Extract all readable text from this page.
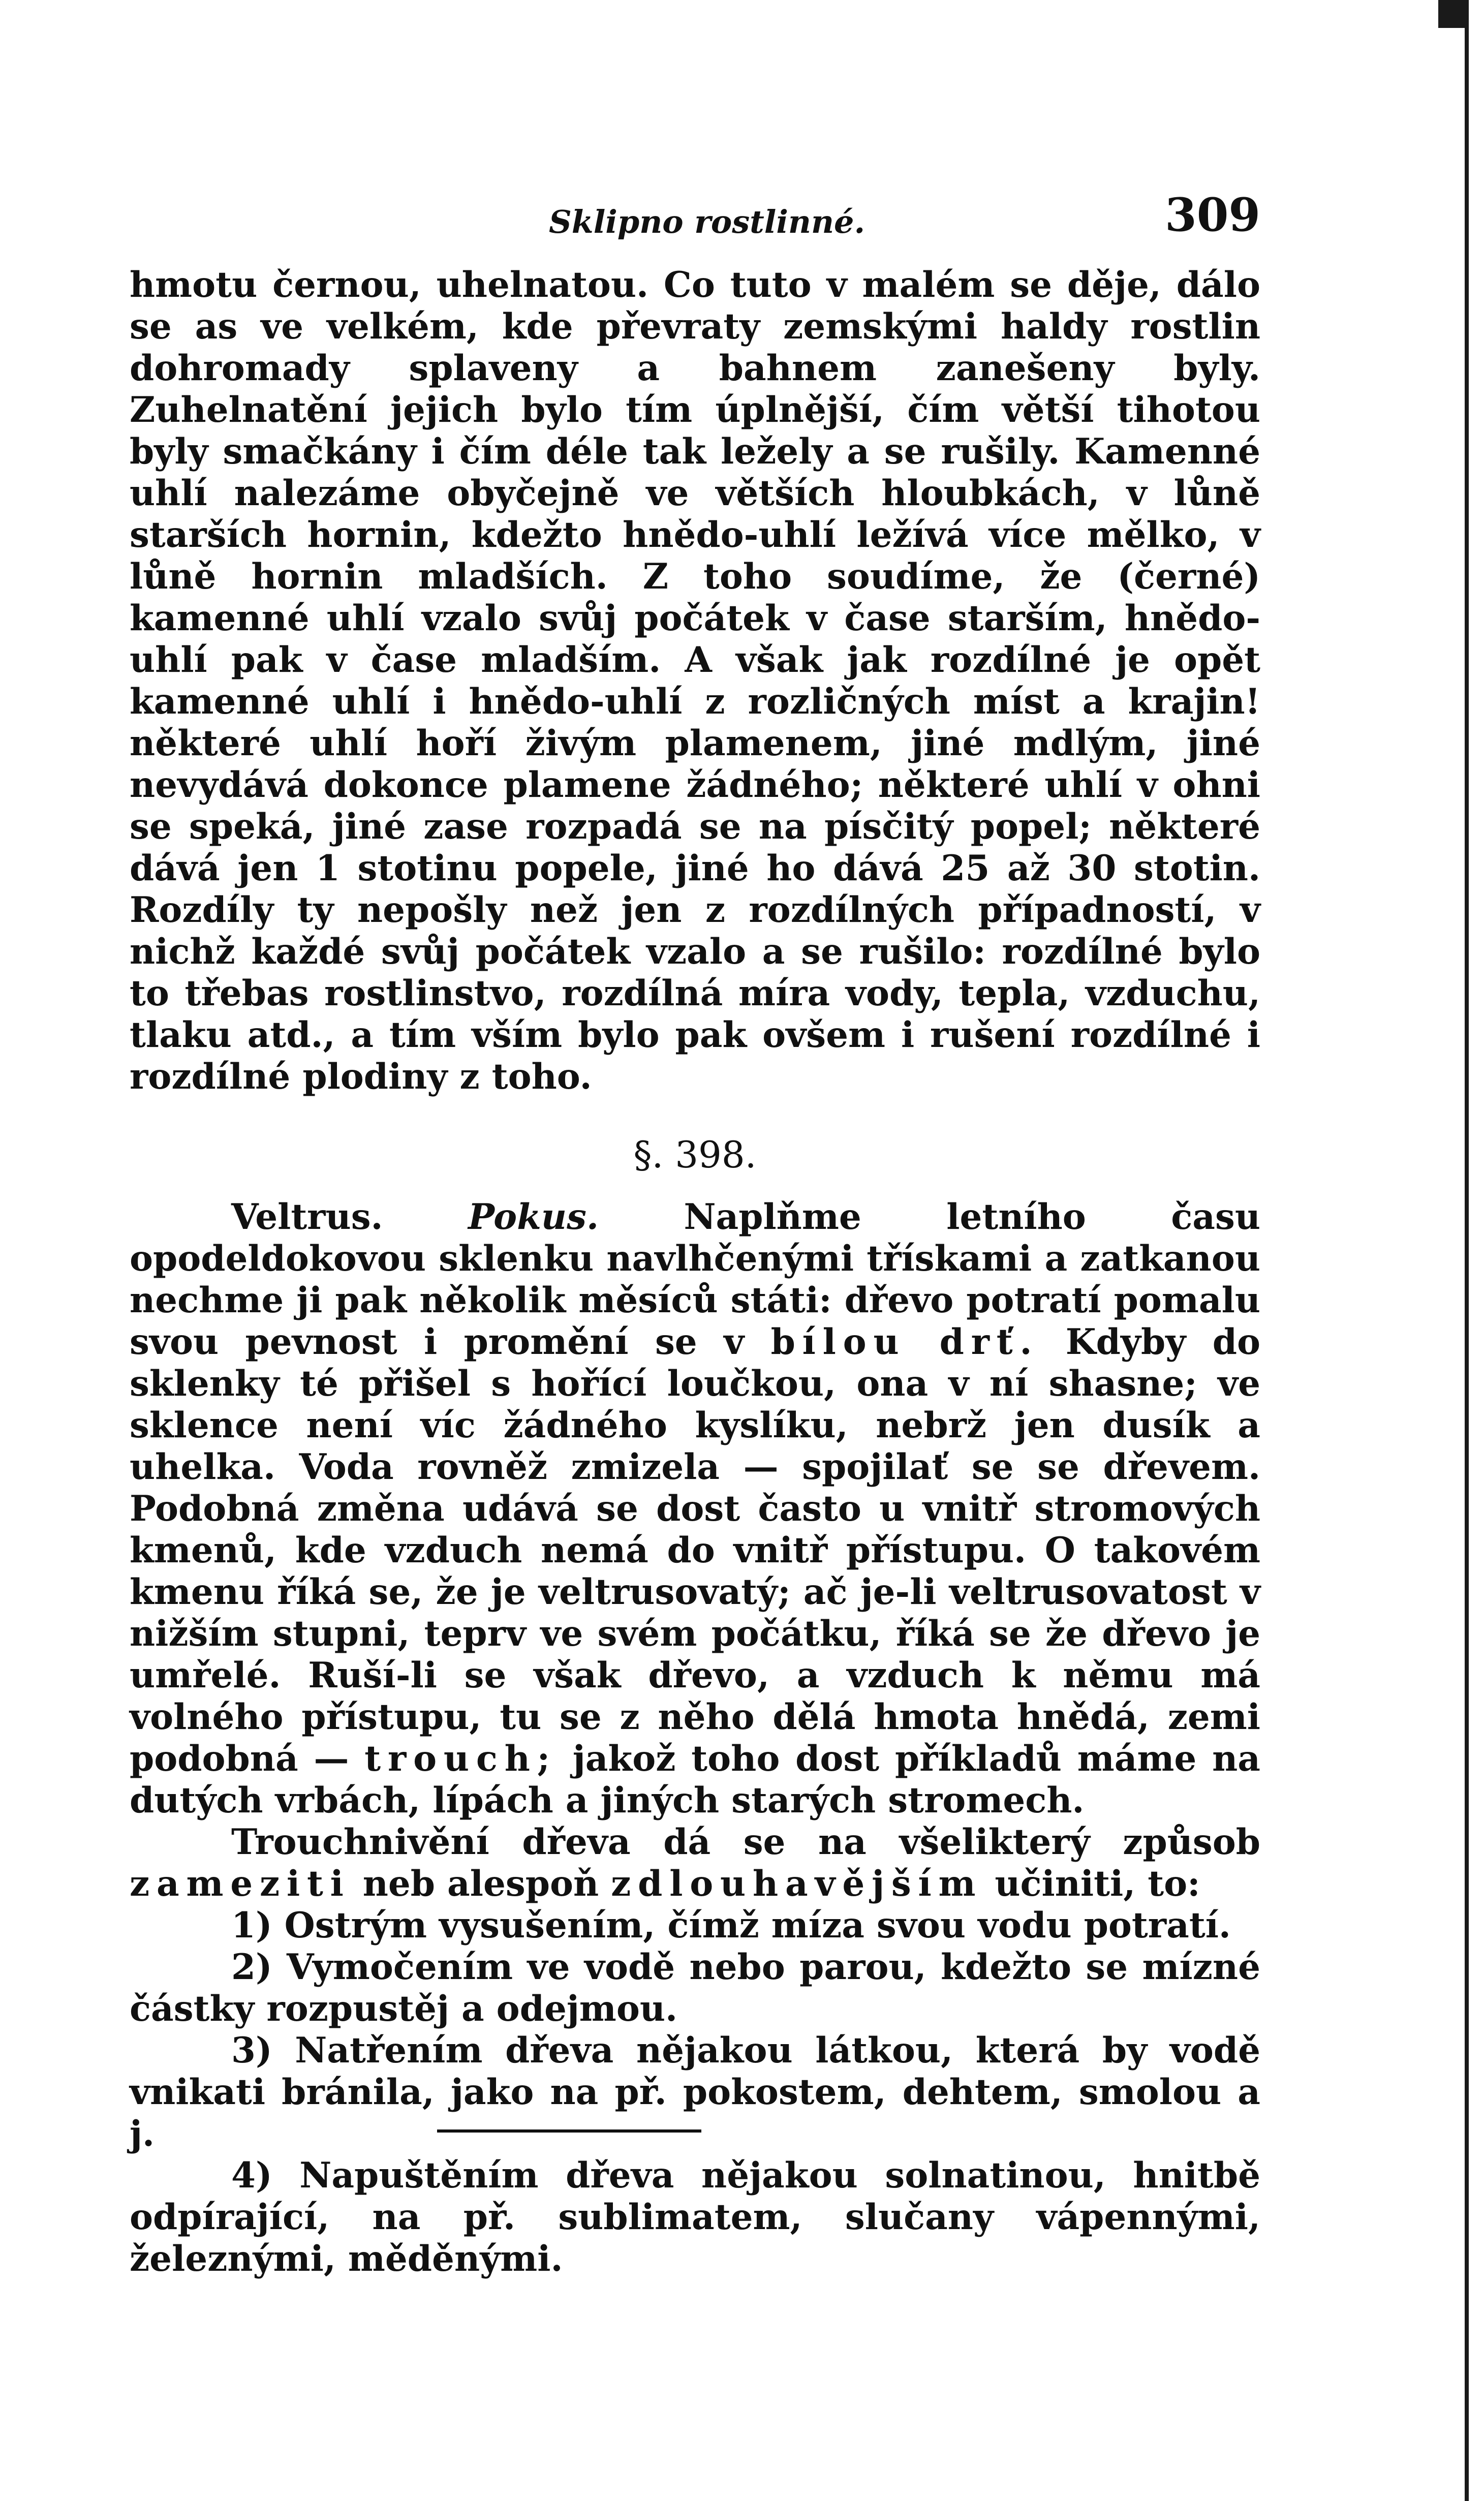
Sklipno rostlinné.	309

hmotu černou, uhelnatou. Co tuto v malém se děje, dálo se as ve velkém, kde převraty zemskými haldy rostlin dohromady splaveny a bahnem zanešeny byly. Zuhelnatění jejich bylo tím úplnější, čím větší tihotou byly smačkány i čím déle tak ležely a se rušily. Kamenné uhlí nalezáme obyčejně ve větších hloubkách, v lůně starších hornin, kdežto hnědo-uhlí ležívá více mělko, v lůně hornin mladších. Z toho soudíme, že (černé) kamenné uhlí vzalo svůj počátek v čase starším, hnědo-uhlí pak v čase mladším. A však jak rozdílné je opět kamenné uhlí i hnědo-uhlí z rozličných míst a krajin! některé uhlí hoří živým plamenem, jiné mdlým, jiné nevydává dokonce plamene žádného; některé uhlí v ohni se speká, jiné zase rozpadá se na písčitý popel; některé dává jen 1 stotinu popele, jiné ho dává 25 až 30 stotin. Rozdíly ty nepošly než jen z rozdílných případností, v nichž každé svůj počátek vzalo a se rušilo: rozdílné bylo to třebas rostlinstvo, rozdílná míra vody, tepla, vzduchu, tlaku atd., a tím vším bylo pak ovšem i rušení rozdílné i rozdílné plodiny z toho.

§. 398.

Veltrus. Pokus. Naplňme letního času opodeldokovou sklenku navlhčenými třískami a zatkanou nechme ji pak několik měsíců státi: dřevo potratí pomalu svou pevnost i promění se v bílou drť. Kdyby do sklenky té přišel s hořící loučkou, ona v ní shasne; ve sklence není víc žádného kyslíku, nebrž jen dusík a uhelka. Voda rovněž zmizela — spojilať se se dřevem. Podobná změna udává se dost často u vnitř stromových kmenů, kde vzduch nemá do vnitř přístupu. O takovém kmenu říká se, že je veltrusovatý; ač je-li veltrusovatost v nižším stupni, teprv ve svém počátku, říká se že dřevo je umřelé. Ruší-li se však dřevo, a vzduch k němu má volného přístupu, tu se z něho dělá hmota hnědá, zemi podobná — trouch; jakož toho dost příkladů máme na dutých vrbách, lípách a jiných starých stromech.

Trouchnivění dřeva dá se na všelikterý způsob zameziti neb alespoň zdlouhavějším učiniti, to:

1) Ostrým vysušením, čímž míza svou vodu potratí.

2) Vymočením ve vodě nebo parou, kdežto se mízné částky rozpustěj a odejmou.

3) Natřením dřeva nějakou látkou, která by vodě vnikati bránila, jako na př. pokostem, dehtem, smolou a j.

4) Napuštěním dřeva nějakou solnatinou, hnitbě odpírající, na př. sublimatem, slučany vápennými, železnými, měděnými.
